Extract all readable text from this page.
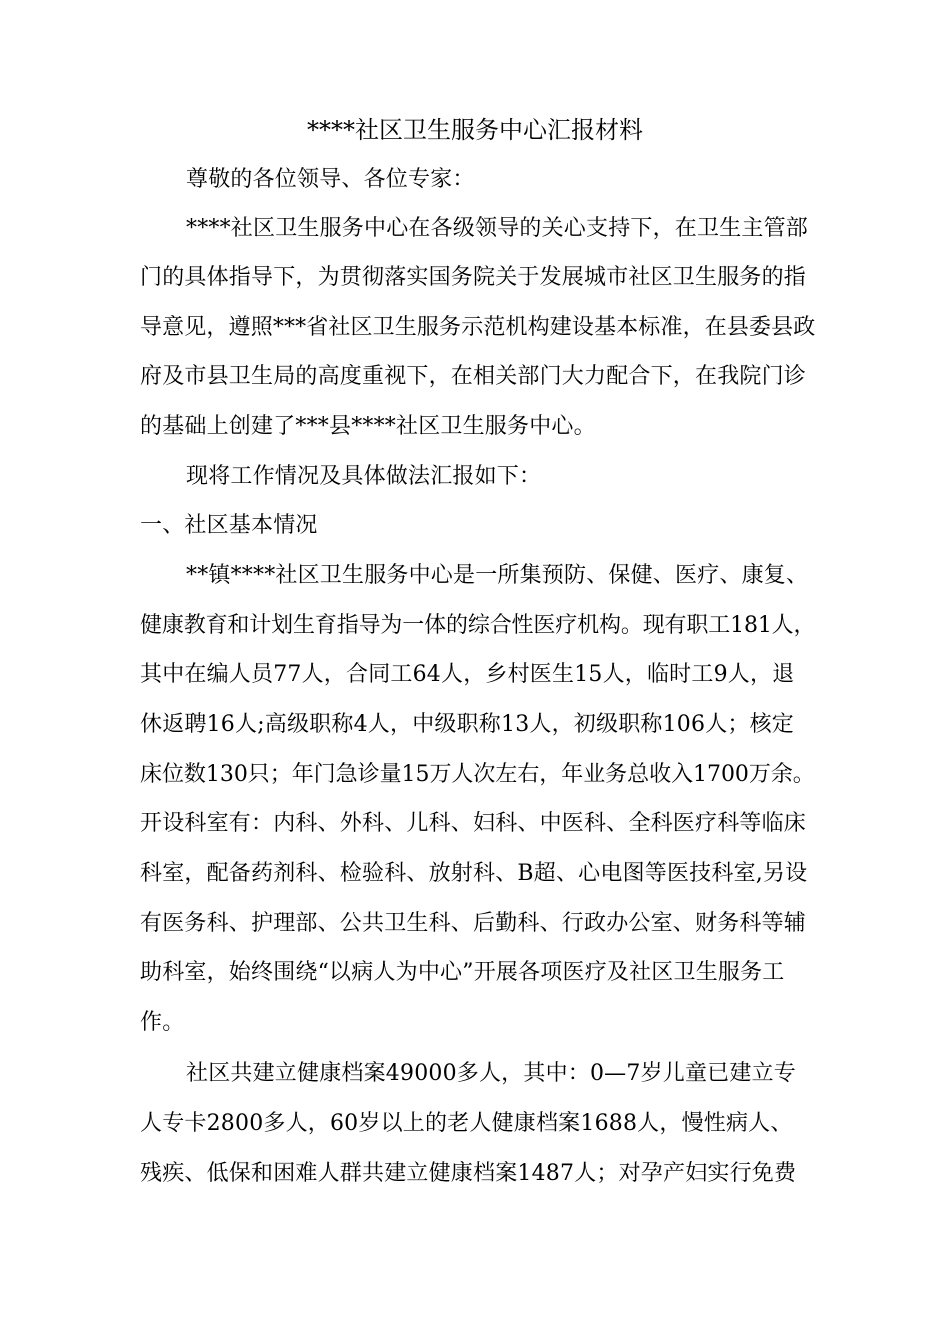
****社区卫生服务中心汇报材料
尊敬的各位领导、各位专家：
****社区卫生服务中心在各级领导的关心支持下，在卫生主管部
门的具体指导下，为贯彻落实国务院关于发展城市社区卫生服务的指
导意见，遵照***省社区卫生服务示范机构建设基本标准，在县委县政
府及市县卫生局的高度重视下，在相关部门大力配合下，在我院门诊
的基础上创建了***县****社区卫生服务中心。
现将工作情况及具体做法汇报如下：
一、社区基本情况
**镇****社区卫生服务中心是一所集预防、保健、医疗、康复、
健康教育和计划生育指导为一体的综合性医疗机构。现有职工181人，
其中在编人员77人，合同工64人，乡村医生15人，临时工9人，退
休返聘16人;高级职称4人，中级职称13人，初级职称106人；核定
床位数130只；年门急诊量15万人次左右，年业务总收入1700万余。
开设科室有：内科、外科、儿科、妇科、中医科、全科医疗科等临床
科室，配备药剂科、检验科、放射科、B超、心电图等医技科室,另设
有医务科、护理部、公共卫生科、后勤科、行政办公室、财务科等辅
助科室，始终围绕“以病人为中心”开展各项医疗及社区卫生服务工
作。
社区共建立健康档案49000多人，其中：0—7岁儿童已建立专
人专卡2800多人，60岁以上的老人健康档案1688人，慢性病人、
残疾、低保和困难人群共建立健康档案1487人；对孕产妇实行免费
